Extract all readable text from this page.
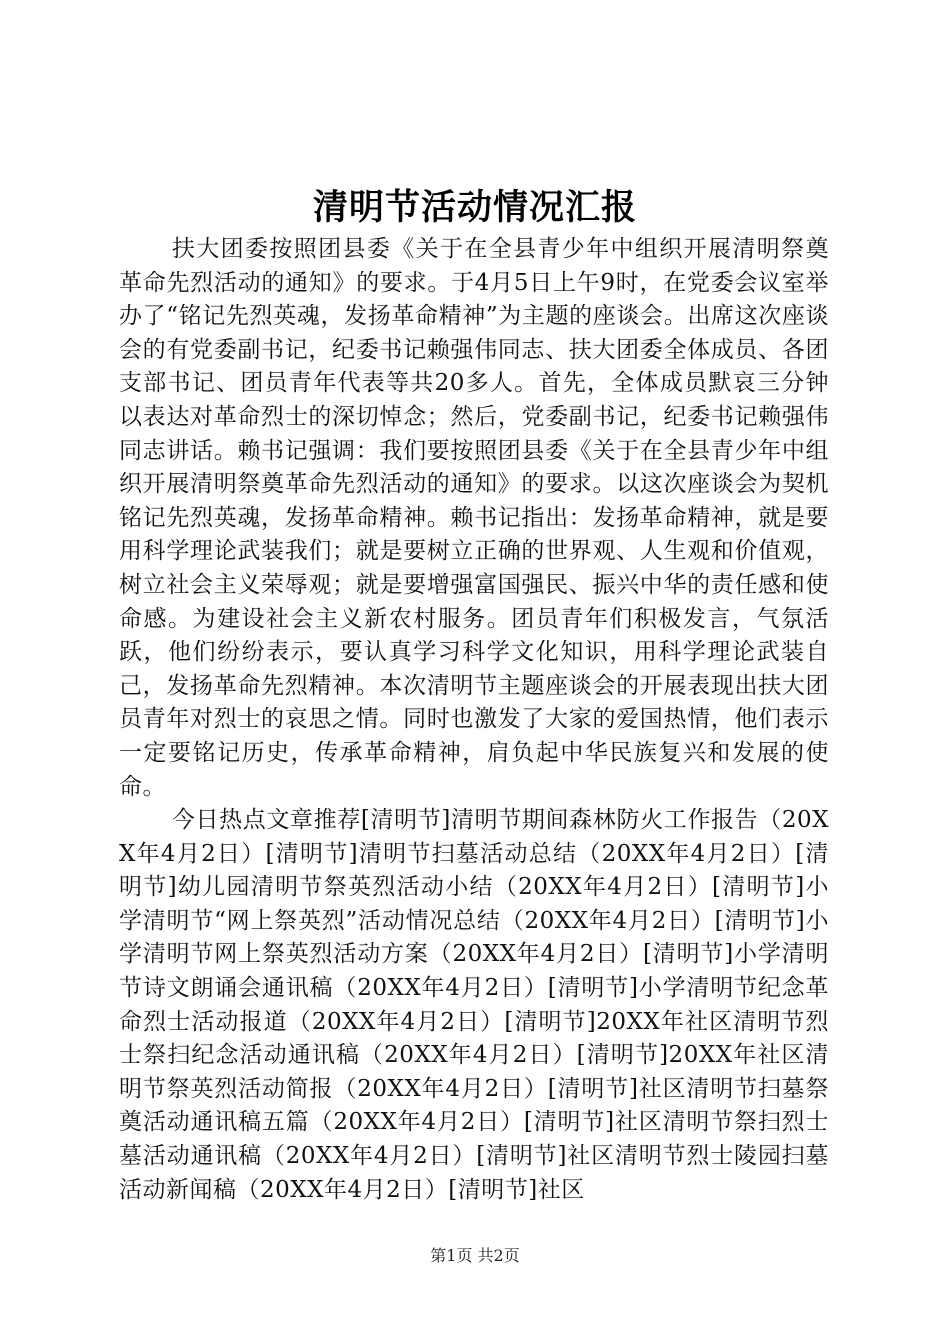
清明节活动情况汇报

扶大团委按照团县委《关于在全县青少年中组织开展清明祭奠革命先烈活动的通知》的要求。于4月5日上午9时，在党委会议室举办了“铭记先烈英魂，发扬革命精神”为主题的座谈会。出席这次座谈会的有党委副书记，纪委书记赖强伟同志、扶大团委全体成员、各团支部书记、团员青年代表等共20多人。首先，全体成员默哀三分钟以表达对革命烈士的深切悼念；然后，党委副书记，纪委书记赖强伟同志讲话。赖书记强调：我们要按照团县委《关于在全县青少年中组织开展清明祭奠革命先烈活动的通知》的要求。以这次座谈会为契机铭记先烈英魂，发扬革命精神。赖书记指出：发扬革命精神，就是要用科学理论武装我们；就是要树立正确的世界观、人生观和价值观，树立社会主义荣辱观；就是要增强富国强民、振兴中华的责任感和使命感。为建设社会主义新农村服务。团员青年们积极发言，气氛活跃，他们纷纷表示，要认真学习科学文化知识，用科学理论武装自己，发扬革命先烈精神。本次清明节主题座谈会的开展表现出扶大团员青年对烈士的哀思之情。同时也激发了大家的爱国热情，他们表示一定要铭记历史，传承革命精神，肩负起中华民族复兴和发展的使命。

今日热点文章推荐[清明节]清明节期间森林防火工作报告（20XX年4月2日）[清明节]清明节扫墓活动总结（20XX年4月2日）[清明节]幼儿园清明节祭英烈活动小结（20XX年4月2日）[清明节]小学清明节“网上祭英烈”活动情况总结（20XX年4月2日）[清明节]小学清明节网上祭英烈活动方案（20XX年4月2日）[清明节]小学清明节诗文朗诵会通讯稿（20XX年4月2日）[清明节]小学清明节纪念革命烈士活动报道（20XX年4月2日）[清明节]20XX年社区清明节烈士祭扫纪念活动通讯稿（20XX年4月2日）[清明节]20XX年社区清明节祭英烈活动简报（20XX年4月2日）[清明节]社区清明节扫墓祭奠活动通讯稿五篇（20XX年4月2日）[清明节]社区清明节祭扫烈士墓活动通讯稿（20XX年4月2日）[清明节]社区清明节烈士陵园扫墓活动新闻稿（20XX年4月2日）[清明节]社区

第1页 共2页
